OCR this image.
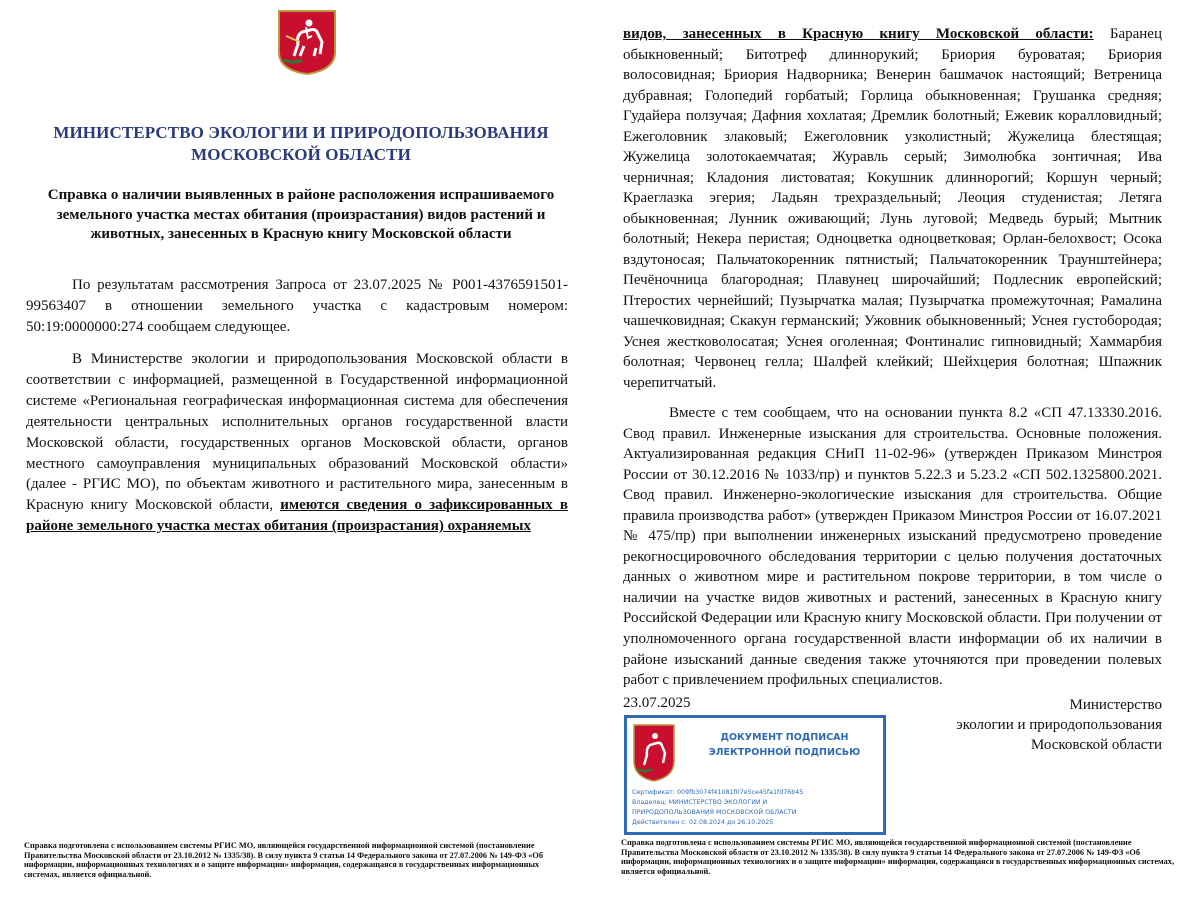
МИНИСТЕРСТВО ЭКОЛОГИИ И ПРИРОДОПОЛЬЗОВАНИЯ МОСКОВСКОЙ ОБЛАСТИ
Справка о наличии выявленных в районе расположения испрашиваемого земельного участка местах обитания (произрастания) видов растений и животных, занесенных в Красную книгу Московской области
По результатам рассмотрения Запроса от 23.07.2025 № Р001-4376591501-99563407 в отношении земельного участка с кадастровым номером: 50:19:0000000:274 сообщаем следующее.
В Министерстве экологии и природопользования Московской области в соответствии с информацией, размещенной в Государственной информационной системе «Региональная географическая информационная система для обеспечения деятельности центральных исполнительных органов государственной власти Московской области, государственных органов Московской области, органов местного самоуправления муниципальных образований Московской области» (далее - РГИС МО), по объектам животного и растительного мира, занесенным в Красную книгу Московской области, имеются сведения о зафиксированных в районе земельного участка местах обитания (произрастания) охраняемых
Справка подготовлена с использованием системы РГИС МО, являющейся государственной информационной системой (постановление Правительства Московской области от 23.10.2012 № 1335/38). В силу пункта 9 статьи 14 Федерального закона от 27.07.2006 № 149-ФЗ «Об информации, информационных технологиях и о защите информации» информация, содержащаяся в государственных информационных системах, является официальной.
видов, занесенных в Красную книгу Московской области: Баранец обыкновенный; Битотреф длиннорукий; Бриория буроватая; Бриория волосовидная; Бриория Надворника; Венерин башмачок настоящий; Ветреница дубравная; Голопедий горбатый; Горлица обыкновенная; Грушанка средняя; Гудайера ползучая; Дафния хохлатая; Дремлик болотный; Ежевик коралловидный; Ежеголовник злаковый; Ежеголовник узколистный; Жужелица блестящая; Жужелица золотокаемчатая; Журавль серый; Зимолюбка зонтичная; Ива черничная; Кладония листоватая; Кокушник длиннорогий; Коршун черный; Краеглазка эгерия; Ладьян трехраздельный; Леоция студенистая; Летяга обыкновенная; Лунник оживающий; Лунь луговой; Медведь бурый; Мытник болотный; Некера перистая; Одноцветка одноцветковая; Орлан-белохвост; Осока вздутоносая; Пальчатокоренник пятнистый; Пальчатокоренник Траунштейнера; Печёночница благородная; Плавунец широчайший; Подлесник европейский; Птеростих чернейший; Пузырчатка малая; Пузырчатка промежуточная; Рамалина чашечковидная; Скакун германский; Ужовник обыкновенный; Уснея густобородая; Уснея жестковолосатая; Уснея оголенная; Фонтиналис гипновидный; Хаммарбия болотная; Червонец гелла; Шалфей клейкий; Шейхцерия болотная; Шпажник черепитчатый.
Вместе с тем сообщаем, что на основании пункта 8.2 «СП 47.13330.2016. Свод правил. Инженерные изыскания для строительства. Основные положения. Актуализированная редакция СНиП 11-02-96» (утвержден Приказом Минстроя России от 30.12.2016 № 1033/пр) и пунктов 5.22.3 и 5.23.2 «СП 502.1325800.2021. Свод правил. Инженерно-экологические изыскания для строительства. Общие правила производства работ» (утвержден Приказом Минстроя России от 16.07.2021 № 475/пр) при выполнении инженерных изысканий предусмотрено проведение рекогносцировочного обследования территории с целью получения достаточных данных о животном мире и растительном покрове территории, в том числе о наличии на участке видов животных и растений, занесенных в Красную книгу Российской Федерации или Красную книгу Московской области. При получении от уполномоченного органа государственной власти информации об их наличии в районе изысканий данные сведения также уточняются при проведении полевых работ с привлечением профильных специалистов.
23.07.2025	Министерство
экологии и природопользования
Московской области
ДОКУМЕНТ ПОДПИСАН
ЭЛЕКТРОННОЙ ПОДПИСЬЮ
Сертификат: 009fb3074f41081f07e5ce45fa1fd76b45
Владелец: МИНИСТЕРСТВО ЭКОЛОГИИ И
ПРИРОДОПОЛЬЗОВАНИЯ МОСКОВСКОЙ ОБЛАСТИ
Действителен с: 02.08.2024 до 26.10.2025
Справка подготовлена с использованием системы РГИС МО, являющейся государственной информационной системой (постановление Правительства Московской области от 23.10.2012 № 1335/38). В силу пункта 9 статьи 14 Федерального закона от 27.07.2006 № 149-ФЗ «Об информации, информационных технологиях и о защите информации» информация, содержащаяся в государственных информационных системах, является официальной.
